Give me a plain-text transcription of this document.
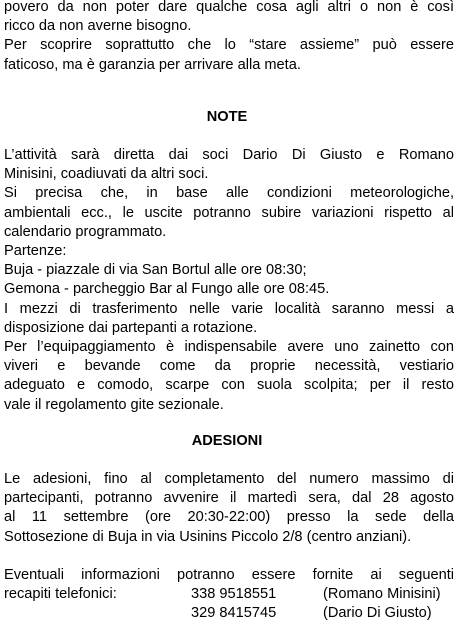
povero da non poter dare qualche cosa agli altri o non è così
ricco da non averne bisogno.
Per scoprire soprattutto che lo “stare assieme” può essere
faticoso, ma è garanzia per arrivare alla meta.
NOTE
L’attività sarà diretta dai soci Dario Di Giusto e Romano
Minisini, coadiuvati da altri soci.
Si precisa che, in base alle condizioni meteorologiche,
ambientali ecc., le uscite potranno subire variazioni rispetto al
calendario programmato.
Partenze:
Buja - piazzale di via San Bortul alle ore 08:30;
Gemona - parcheggio Bar al Fungo alle ore 08:45.
I mezzi di trasferimento nelle varie località saranno messi a
disposizione dai partepanti a rotazione.
Per l’equipaggiamento è indispensabile avere uno zainetto con
viveri e bevande come da proprie necessità, vestiario
adeguato e comodo, scarpe con suola scolpita; per il resto
vale il regolamento gite sezionale.
ADESIONI
Le adesioni, fino al completamento del numero massimo di
partecipanti, potranno avvenire il martedì sera, dal 28 agosto
al 11 settembre (ore 20:30-22:00) presso la sede della
Sottosezione di Buja in via Usinins Piccolo 2/8 (centro anziani).
Eventuali informazioni potranno essere fornite ai seguenti
recapiti telefonici:	338 9518551	(Romano Minisini)
329 8415745	(Dario Di Giusto)
